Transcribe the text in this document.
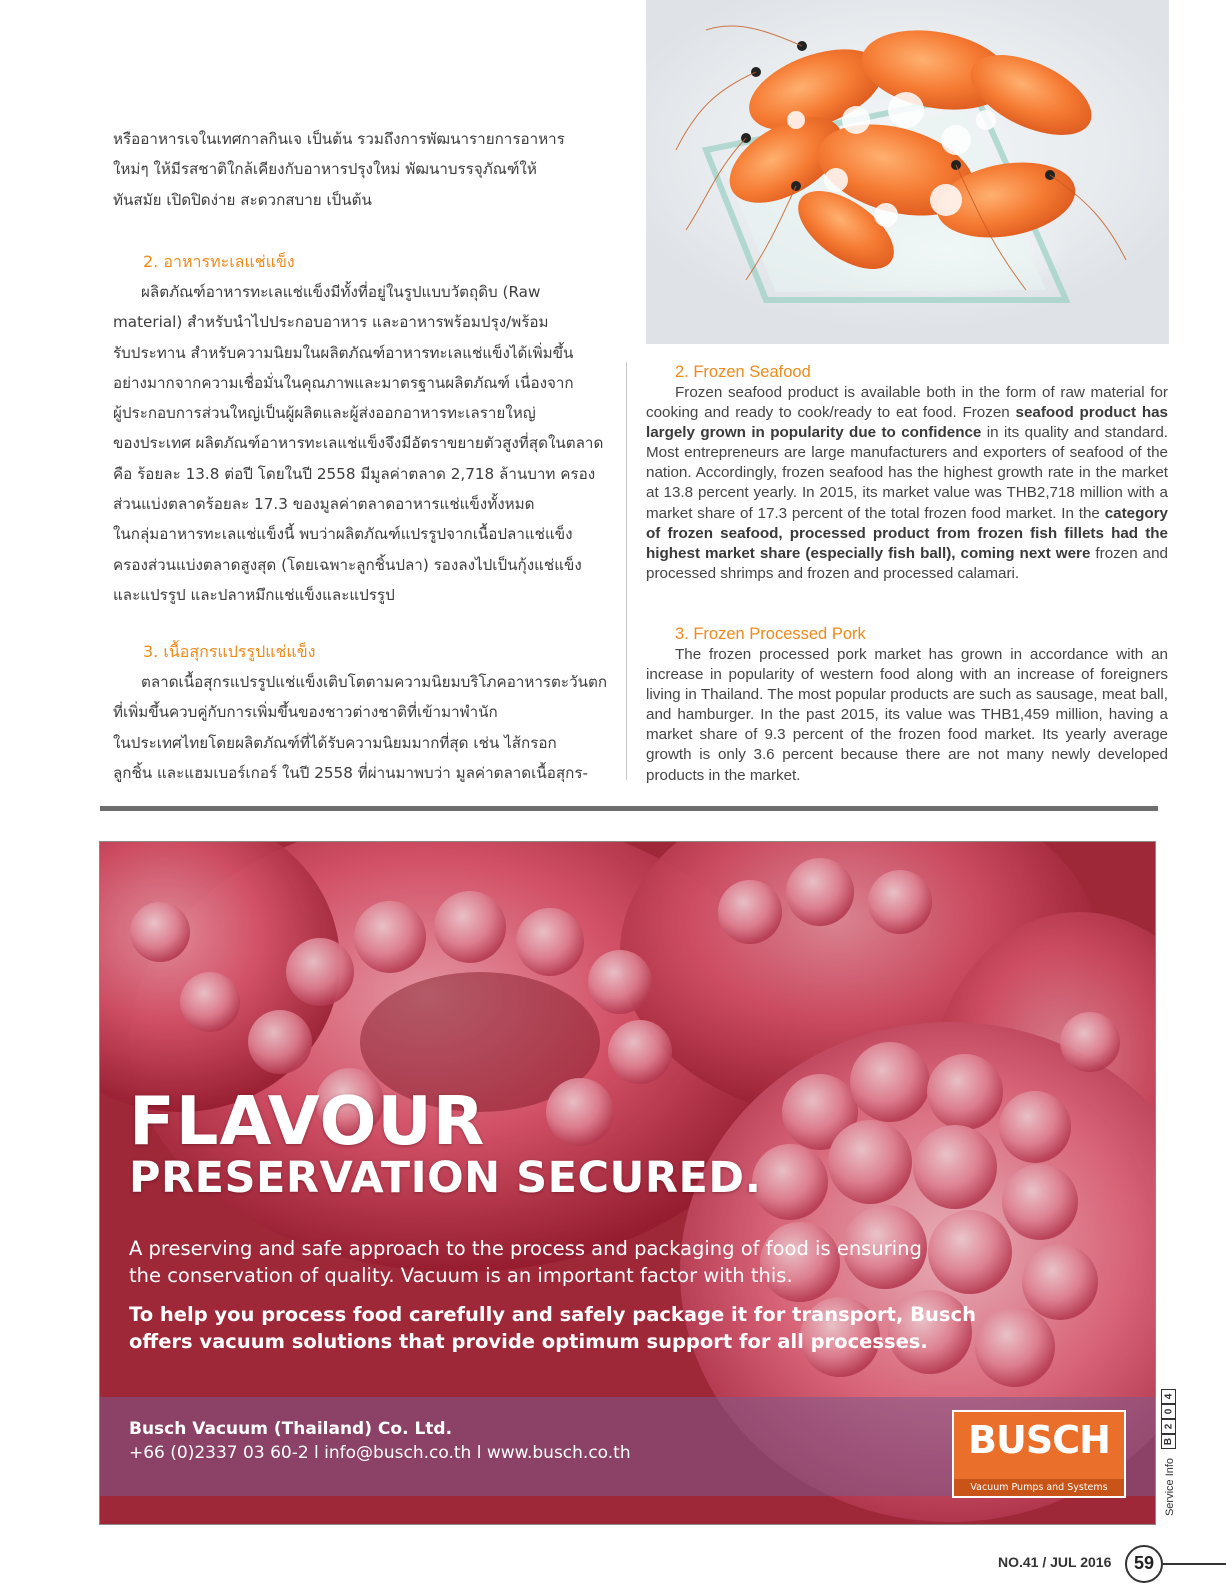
หรืออาหารเจในเทศกาลกินเจ เป็นต้น รวมถึงการพัฒนารายการอาหาร

ใหม่ๆ ให้มีรสชาติใกล้เคียงกับอาหารปรุงใหม่ พัฒนาบรรจุภัณฑ์ให้

ทันสมัย เปิดปิดง่าย สะดวกสบาย เป็นต้น

2. อาหารทะเลแช่แข็ง

ผลิตภัณฑ์อาหารทะเลแช่แข็งมีทั้งที่อยู่ในรูปแบบวัตถุดิบ (Raw

material) สำหรับนำไปประกอบอาหาร และอาหารพร้อมปรุง/พร้อม

รับประทาน สำหรับความนิยมในผลิตภัณฑ์อาหารทะเลแช่แข็งได้เพิ่มขึ้น

อย่างมากจากความเชื่อมั่นในคุณภาพและมาตรฐานผลิตภัณฑ์ เนื่องจาก

ผู้ประกอบการส่วนใหญ่เป็นผู้ผลิตและผู้ส่งออกอาหารทะเลรายใหญ่

ของประเทศ ผลิตภัณฑ์อาหารทะเลแช่แข็งจึงมีอัตราขยายตัวสูงที่สุดในตลาด

คือ ร้อยละ 13.8 ต่อปี โดยในปี 2558 มีมูลค่าตลาด 2,718 ล้านบาท ครอง

ส่วนแบ่งตลาดร้อยละ 17.3 ของมูลค่าตลาดอาหารแช่แข็งทั้งหมด

ในกลุ่มอาหารทะเลแช่แข็งนี้ พบว่าผลิตภัณฑ์แปรรูปจากเนื้อปลาแช่แข็ง

ครองส่วนแบ่งตลาดสูงสุด (โดยเฉพาะลูกชิ้นปลา) รองลงไปเป็นกุ้งแช่แข็ง

และแปรรูป และปลาหมึกแช่แข็งและแปรรูป

3. เนื้อสุกรแปรรูปแช่แข็ง

ตลาดเนื้อสุกรแปรรูปแช่แข็งเติบโตตามความนิยมบริโภคอาหารตะวันตก

ที่เพิ่มขึ้นควบคู่กับการเพิ่มขึ้นของชาวต่างชาติที่เข้ามาพำนัก

ในประเทศไทยโดยผลิตภัณฑ์ที่ได้รับความนิยมมากที่สุด เช่น ไส้กรอก

ลูกชิ้น และแฮมเบอร์เกอร์ ในปี 2558 ที่ผ่านมาพบว่า มูลค่าตลาดเนื้อสุกร-

2. Frozen Seafood

Frozen seafood product is available both in the form of raw material for cooking and ready to cook/ready to eat food. Frozen seafood product has largely grown in popularity due to confidence in its quality and standard. Most entrepreneurs are large manufacturers and exporters of seafood of the nation. Accordingly, frozen seafood has the highest growth rate in the market at 13.8 percent yearly. In 2015, its market value was THB2,718 million with a market share of 17.3 percent of the total frozen food market. In the category of frozen seafood, processed product from frozen fish fillets had the highest market share (especially fish ball), coming next were frozen and processed shrimps and frozen and processed calamari.

3. Frozen Processed Pork

The frozen processed pork market has grown in accordance with an increase in popularity of western food along with an increase of foreigners living in Thailand. The most popular products are such as sausage, meat ball, and hamburger. In the past 2015, its value was THB1,459 million, having a market share of 9.3 percent of the frozen food market. Its yearly average growth is only 3.6 percent because there are not many newly developed products in the market.

FLAVOUR
PRESERVATION SECURED.
A preserving and safe approach to the process and packaging of food is ensuring
the conservation of quality. Vacuum is an important factor with this.
To help you process food carefully and safely package it for transport, Busch
offers vacuum solutions that provide optimum support for all processes.
Busch Vacuum (Thailand) Co. Ltd.
+66 (0)2337 03 60-2 l info@busch.co.th l www.busch.co.th	BUSCH
Vacuum Pumps and Systems
4
0
2
B
Service Info
NO.41 / JUL 2016	59
